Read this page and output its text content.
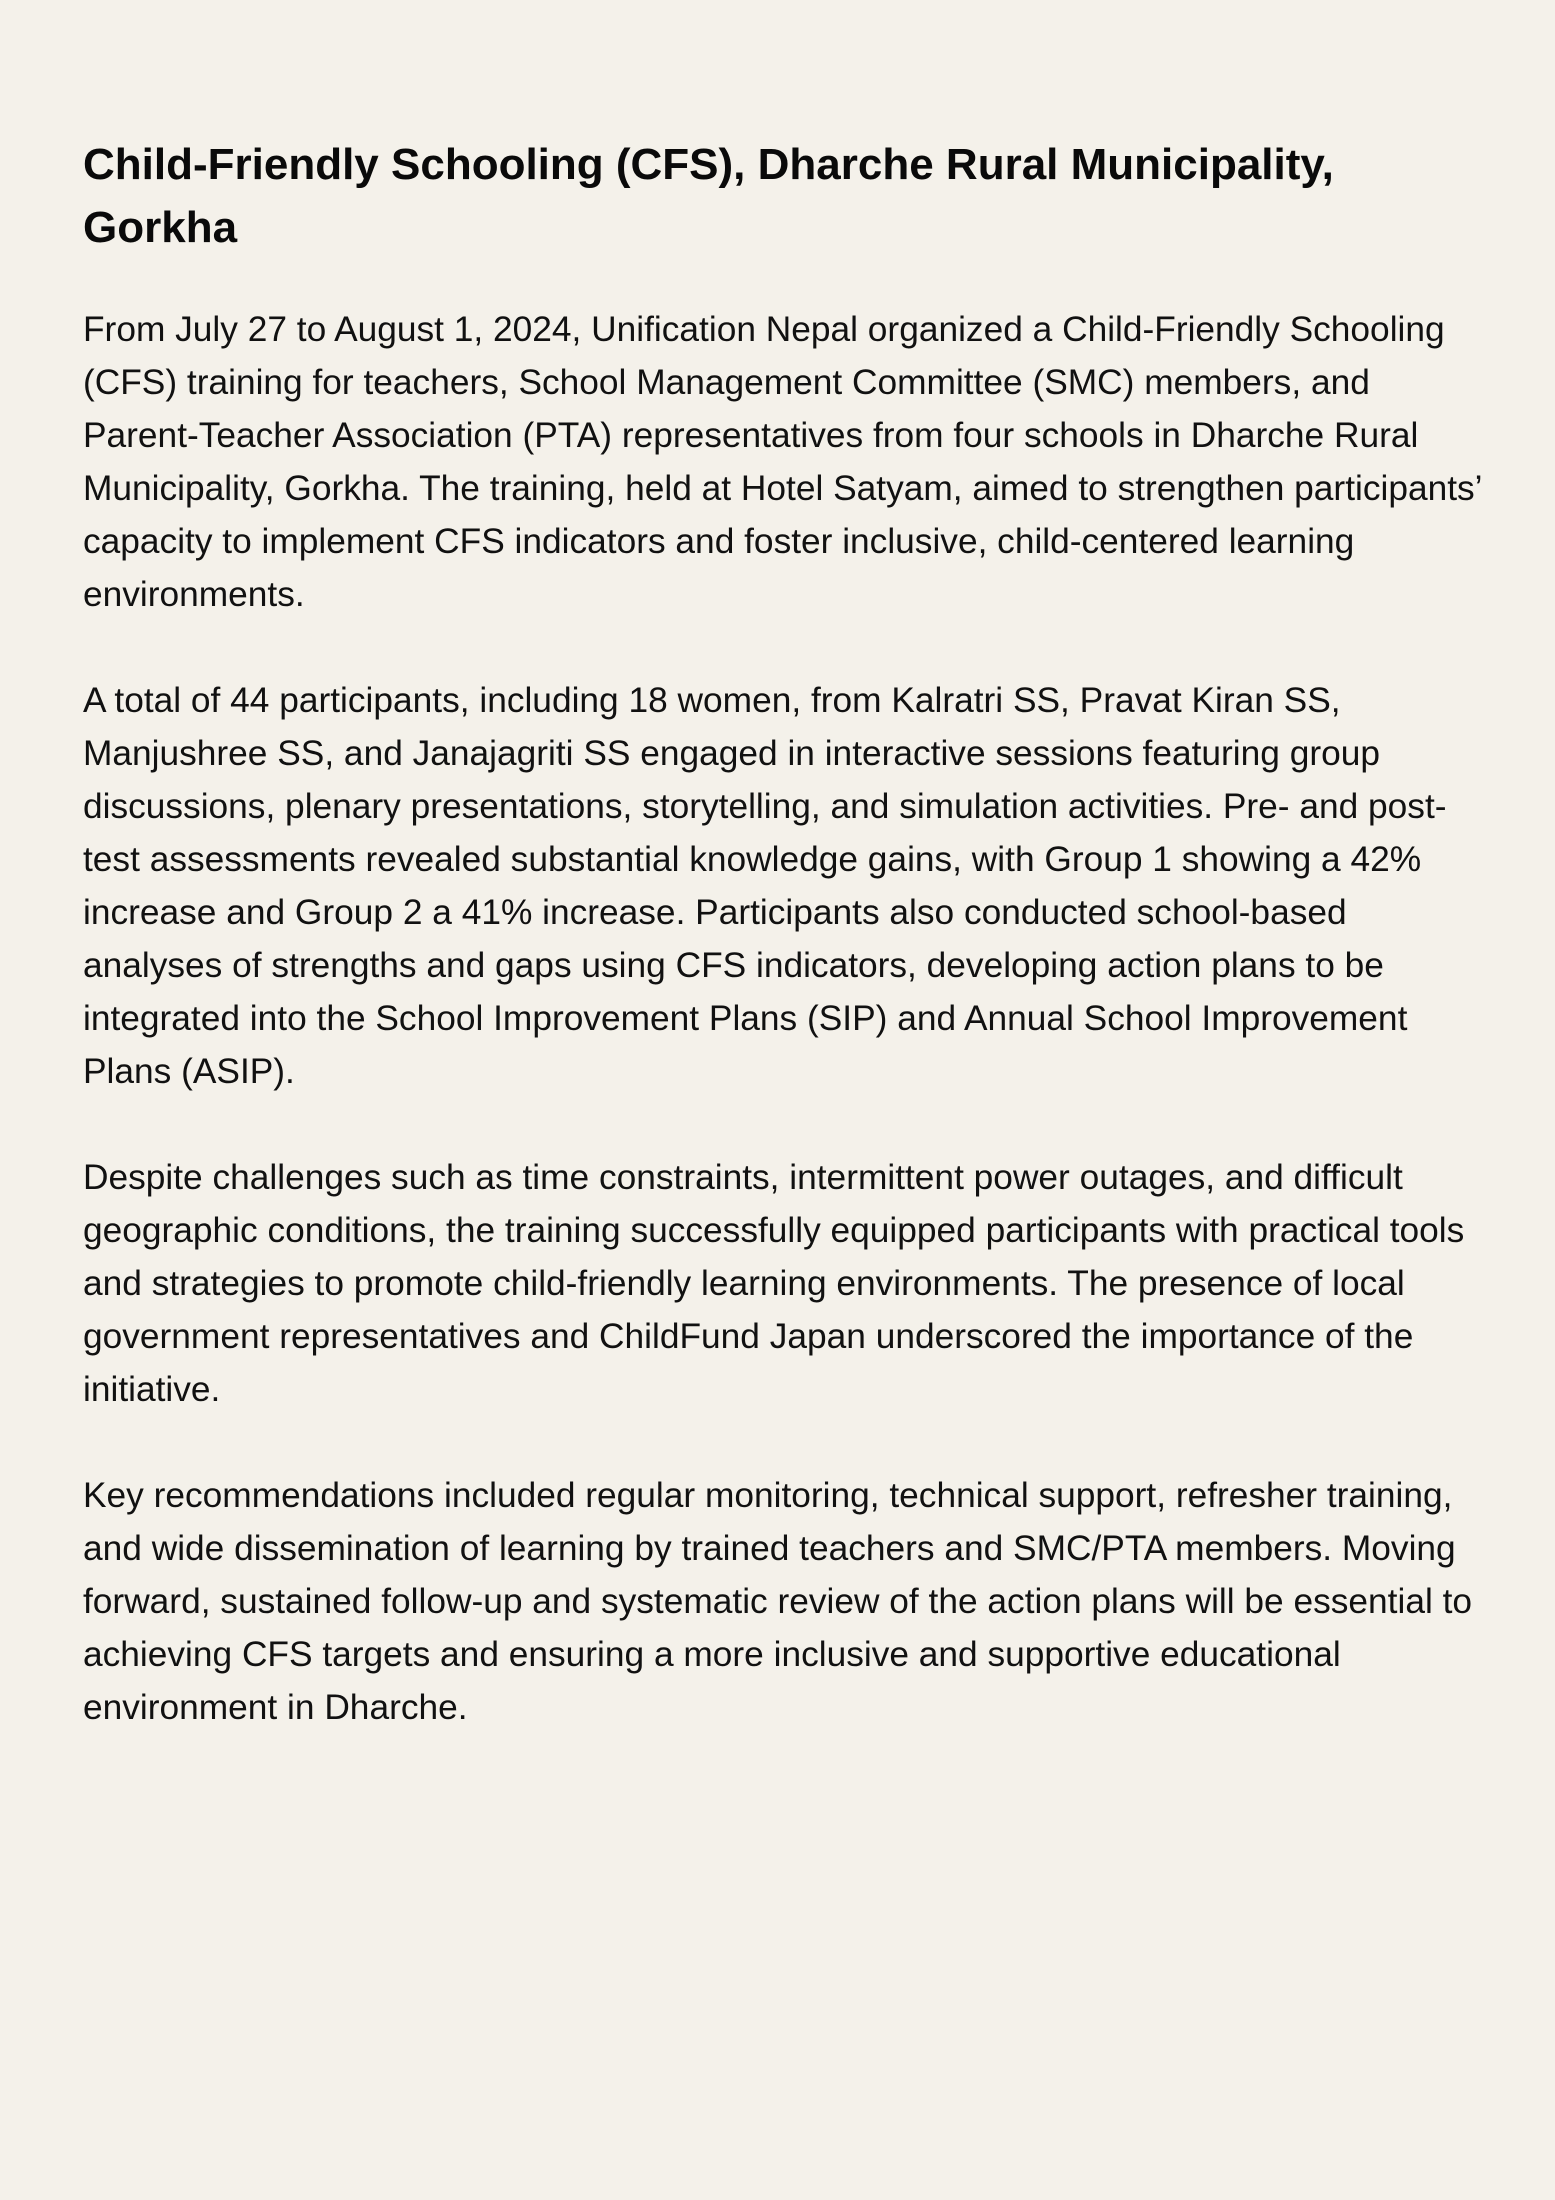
Child-Friendly Schooling (CFS), Dharche Rural Municipality, Gorkha

From July 27 to August 1, 2024, Unification Nepal organized a Child-Friendly Schooling (CFS) training for teachers, School Management Committee (SMC) members, and Parent-Teacher Association (PTA) representatives from four schools in Dharche Rural Municipality, Gorkha. The training, held at Hotel Satyam, aimed to strengthen participants’ capacity to implement CFS indicators and foster inclusive, child-centered learning environments.

A total of 44 participants, including 18 women, from Kalratri SS, Pravat Kiran SS, Manjushree SS, and Janajagriti SS engaged in interactive sessions featuring group discussions, plenary presentations, storytelling, and simulation activities. Pre- and post-test assessments revealed substantial knowledge gains, with Group 1 showing a 42% increase and Group 2 a 41% increase. Participants also conducted school-based analyses of strengths and gaps using CFS indicators, developing action plans to be integrated into the School Improvement Plans (SIP) and Annual School Improvement Plans (ASIP).

Despite challenges such as time constraints, intermittent power outages, and difficult geographic conditions, the training successfully equipped participants with practical tools and strategies to promote child-friendly learning environments. The presence of local government representatives and ChildFund Japan underscored the importance of the initiative.

Key recommendations included regular monitoring, technical support, refresher training, and wide dissemination of learning by trained teachers and SMC/PTA members. Moving forward, sustained follow-up and systematic review of the action plans will be essential to achieving CFS targets and ensuring a more inclusive and supportive educational environment in Dharche.
